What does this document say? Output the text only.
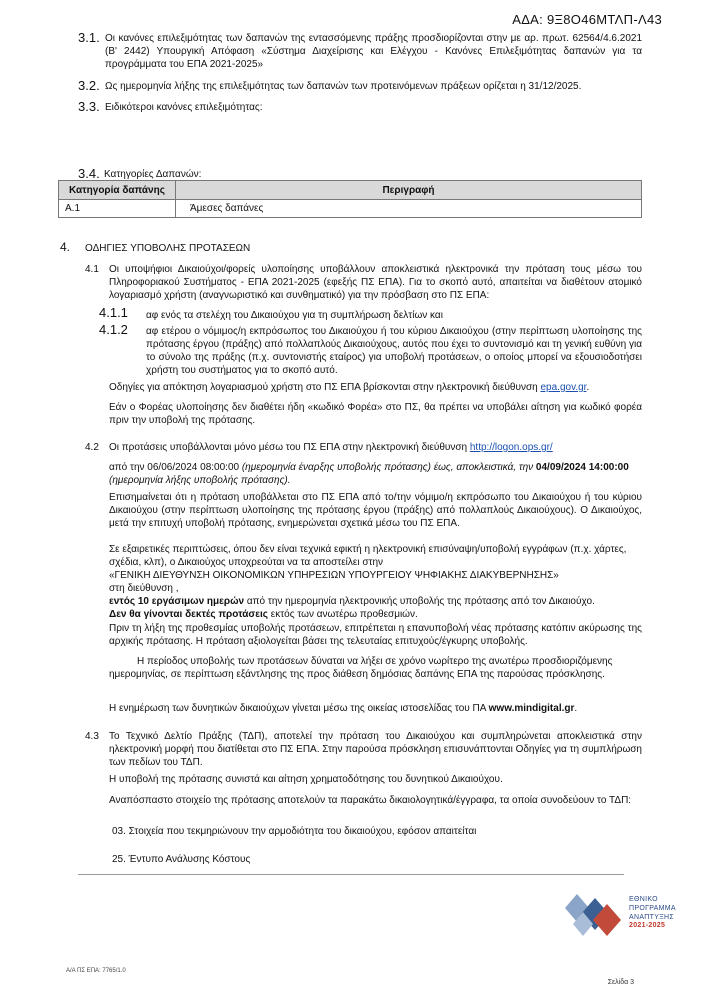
ΑΔΑ: 9Ξ8Ο46ΜΤΛΠ-Λ43
3.1. Οι κανόνες επιλεξιμότητας των δαπανών της εντασσόμενης πράξης προσδιορίζονται στην με αρ. πρωτ. 62564/4.6.2021 (Β' 2442) Υπουργική Απόφαση «Σύστημα Διαχείρισης και Ελέγχου - Κανόνες Επιλεξιμότητας δαπανών για τα προγράμματα του ΕΠΑ 2021-2025»
3.2. Ως ημερομηνία λήξης της επιλεξιμότητας των δαπανών των προτεινόμενων πράξεων ορίζεται η 31/12/2025.
3.3. Ειδικότεροι κανόνες επιλεξιμότητας:
3.4. Κατηγορίες Δαπανών:
Κατηγορία δαπάνης	Περιγραφή
Α.1	Άμεσες δαπάνες
4. ΟΔΗΓΙΕΣ ΥΠΟΒΟΛΗΣ ΠΡΟΤΑΣΕΩΝ
4.1 Οι υποψήφιοι Δικαιούχοι/φορείς υλοποίησης υποβάλλουν αποκλειστικά ηλεκτρονικά την πρόταση τους μέσω του Πληροφοριακού Συστήματος - ΕΠΑ 2021-2025 (εφεξής ΠΣ ΕΠΑ). Για το σκοπό αυτό, απαιτείται να διαθέτουν ατομικό λογαριασμό χρήστη (αναγνωριστικό και συνθηματικό) για την πρόσβαση στο ΠΣ ΕΠΑ:
4.1.1 αφ ενός τα στελέχη του Δικαιούχου για τη συμπλήρωση δελτίων και
4.1.2 αφ ετέρου ο νόμιμος/η εκπρόσωπος του Δικαιούχου ή του κύριου Δικαιούχου (στην περίπτωση υλοποίησης της πρότασης έργου (πράξης) από πολλαπλούς Δικαιούχους, αυτός που έχει το συντονισμό και τη γενική ευθύνη για το σύνολο της πράξης (π.χ. συντονιστής εταίρος) για υποβολή προτάσεων, ο οποίος μπορεί να εξουσιοδοτήσει χρήστη του συστήματος για το σκοπό αυτό.
Οδηγίες για απόκτηση λογαριασμού χρήστη στο ΠΣ ΕΠΑ βρίσκονται στην ηλεκτρονική διεύθυνση epa.gov.gr.
Εάν ο Φορέας υλοποίησης δεν διαθέτει ήδη «κωδικό Φορέα» στο ΠΣ, θα πρέπει να υποβάλει αίτηση για κωδικό φορέα πριν την υποβολή της πρότασης.
4.2 Οι προτάσεις υποβάλλονται μόνο μέσω του ΠΣ ΕΠΑ στην ηλεκτρονική διεύθυνση http://logon.ops.gr/
από την 06/06/2024 08:00:00 (ημερομηνία έναρξης υποβολής πρότασης) έως, αποκλειστικά, την 04/09/2024 14:00:00 (ημερομηνία λήξης υποβολής πρότασης).
Επισημαίνεται ότι η πρόταση υποβάλλεται στο ΠΣ ΕΠΑ από το/την νόμιμο/η εκπρόσωπο του Δικαιούχου ή του κύριου Δικαιούχου (στην περίπτωση υλοποίησης της πρότασης έργου (πράξης) από πολλαπλούς Δικαιούχους). Ο Δικαιούχος, μετά την επιτυχή υποβολή πρότασης, ενημερώνεται σχετικά μέσω του ΠΣ ΕΠΑ.
Σε εξαιρετικές περιπτώσεις, όπου δεν είναι τεχνικά εφικτή η ηλεκτρονική επισύναψη/υποβολή εγγράφων (π.χ. χάρτες, σχέδια, κλπ), ο Δικαιούχος υποχρεούται να τα αποστείλει στην
«ΓΕΝΙΚΗ ΔΙΕΥΘΥΝΣΗ ΟΙΚΟΝΟΜΙΚΩΝ ΥΠΗΡΕΣΙΩΝ ΥΠΟΥΡΓΕΙΟΥ ΨΗΦΙΑΚΗΣ ΔΙΑΚΥΒΕΡΝΗΣΗΣ»
στη διεύθυνση ,
εντός 10 εργάσιμων ημερών από την ημερομηνία ηλεκτρονικής υποβολής της πρότασης από τον Δικαιούχο.
Δεν θα γίνονται δεκτές προτάσεις εκτός των ανωτέρω προθεσμιών.
Πριν τη λήξη της προθεσμίας υποβολής προτάσεων, επιτρέπεται η επανυποβολή νέας πρότασης κατόπιν ακύρωσης της αρχικής πρότασης. Η πρόταση αξιολογείται βάσει της τελευταίας επιτυχούς/έγκυρης υποβολής.
Η περίοδος υποβολής των προτάσεων δύναται να λήξει σε χρόνο νωρίτερο της ανωτέρω προσδιοριζόμενης ημερομηνίας, σε περίπτωση εξάντλησης της προς διάθεση δημόσιας δαπάνης ΕΠΑ της παρούσας πρόσκλησης.
Η ενημέρωση των δυνητικών δικαιούχων γίνεται μέσω της οικείας ιστοσελίδας του ΠΑ www.mindigital.gr.
4.3 Το Τεχνικό Δελτίο Πράξης (ΤΔΠ), αποτελεί την πρόταση του Δικαιούχου και συμπληρώνεται αποκλειστικά στην ηλεκτρονική μορφή που διατίθεται στο ΠΣ ΕΠΑ. Στην παρούσα πρόσκληση επισυνάπτονται Οδηγίες για τη συμπλήρωση των πεδίων του ΤΔΠ.
Η υποβολή της πρότασης συνιστά και αίτηση χρηματοδότησης του δυνητικού Δικαιούχου.
Αναπόσπαστο στοιχείο της πρότασης αποτελούν τα παρακάτω δικαιολογητικά/έγγραφα, τα οποία συνοδεύουν το ΤΔΠ:
03. Στοιχεία που τεκμηριώνουν την αρμοδιότητα του δικαιούχου, εφόσον απαιτείται
25. Έντυπο Ανάλυσης Κόστους
ΕΘΝΙΚΟ
ΠΡΟΓΡΑΜΜΑ
ΑΝΑΠΤΥΞΗΣ
2021-2025
Α/Α ΠΣ ΕΠΑ: 7765/1.0
Σελίδα 3
